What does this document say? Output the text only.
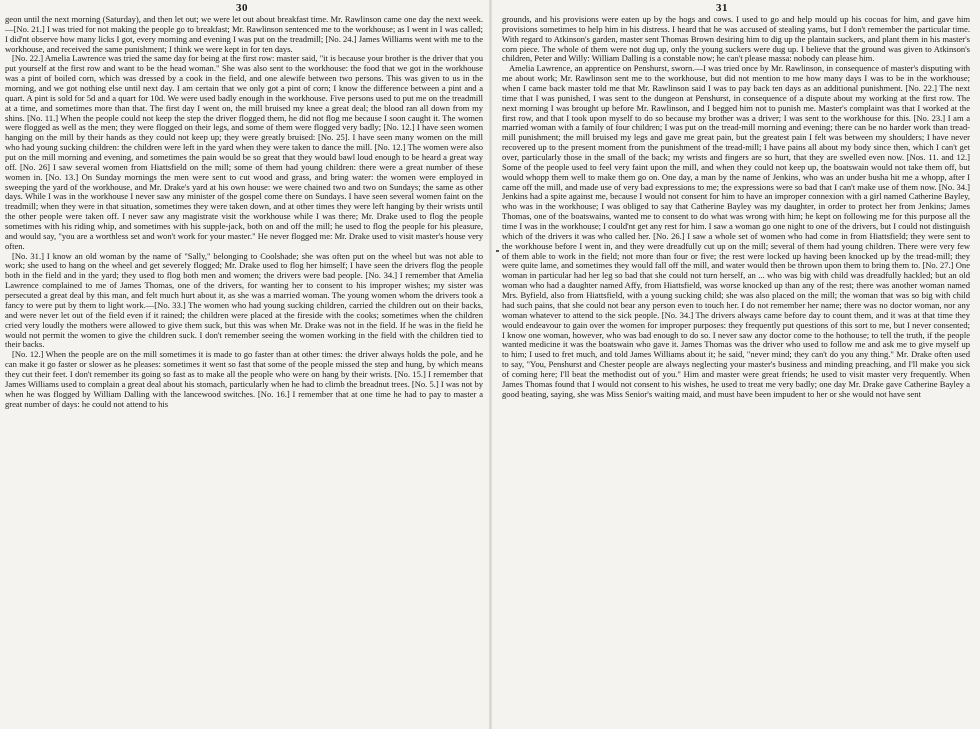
30

geon until the next morning (Saturday), and then let out; we were let out about breakfast time. Mr. Rawlinson came one day the next week.—[No. 21.] I was tried for not making the people go to breakfast; Mr. Rawlinson sentenced me to the workhouse; as I went in I was called; I did'nt observe how many licks I got, every morning and evening I was put on the treadmill; [No. 24.] James Williams went with me to the workhouse, and received the same punishment; I think we were kept in for ten days.

[No. 22.] Amelia Lawrence was tried the same day for being at the first row: master said, "it is because your brother is the driver that you put yourself at the first row and want to be the head woman." She was also sent to the workhouse: the food that we got in the workhouse was a pint of boiled corn, which was dressed by a cook in the field, and one alewife between two persons. This was given to us in the morning, and we got nothing else until next day. I am certain that we only got a pint of corn; I know the difference between a pint and a quart. A pint is sold for 5d and a quart for 10d. We were used badly enough in the workhouse. Five persons used to put me on the treadmill at a time, and sometimes more than that. The first day I went on, the mill bruised my knee a great deal; the blood ran all down from my shins. [No. 11.] When the people could not keep the step the driver flogged them, he did not flog me because I soon caught it. The women were flogged as well as the men; they were flogged on their legs, and some of them were flogged very badly; [No. 12.] I have seen women hanging on the mill by their hands as they could not keep up; they were greatly bruised: [No. 25]. I have seen many women on the mill who had young sucking children: the children were left in the yard when they were taken to dance the mill. [No. 12.] The women were also put on the mill morning and evening, and sometimes the pain would be so great that they would bawl loud enough to be heard a great way off. [No. 26] I saw several women from Hiattsfield on the mill; some of them had young children: there were a great number of these women in. [No. 13.] On Sunday mornings the men were sent to cut wood and grass, and bring water: the women were employed in sweeping the yard of the workhouse, and Mr. Drake's yard at his own house: we were chained two and two on Sundays; the same as other days. While I was in the workhouse I never saw any minister of the gospel come there on Sundays. I have seen several women faint on the treadmill; when they were in that situation, sometimes they were taken down, and at other times they were left hanging by their wrists until the other people were taken off. I never saw any magistrate visit the workhouse while I was there; Mr. Drake used to flog the people sometimes with his riding whip, and sometimes with his supple-jack, both on and off the mill; he used to flog the people for his pleasure, and would say, "you are a worthless set and won't work for your master." He never flogged me: Mr. Drake used to visit master's house very often.

[No. 31.] I know an old woman by the name of "Sally," belonging to Coolshade; she was often put on the wheel but was not able to work; she used to hang on the wheel and get severely flogged; Mr. Drake used to flog her himself; I have seen the drivers flog the people both in the field and in the yard; they used to flog both men and women; the drivers were bad people. [No. 34.] I remember that Amelia Lawrence complained to me of James Thomas, one of the drivers, for wanting her to consent to his improper wishes; my sister was persecuted a great deal by this man, and felt much hurt about it, as she was a married woman. The young women whom the drivers took a fancy to were put by them to light work.—[No. 33.] The women who had young sucking children, carried the children out on their backs, and were never let out of the field even if it rained; the children were placed at the fireside with the cooks; sometimes when the children cried very loudly the mothers were allowed to give them suck, but this was when Mr. Drake was not in the field. If he was in the field he would not permit the women to give the children suck. I don't remember seeing the women working in the field with the children tied to their backs.

[No. 12.] When the people are on the mill sometimes it is made to go faster than at other times: the driver always holds the pole, and he can make it go faster or slower as he pleases: sometimes it went so fast that some of the people missed the step and hung, by which means they cut their feet. I don't remember its going so fast as to make all the people who were on hang by their wrists. [No. 15.] I remember that James Williams used to complain a great deal about his stomach, particularly when he had to climb the breadnut trees. [No. 5.] I was not by when he was flogged by William Dalling with the lancewood switches. [No. 16.] I remember that at one time he had to pay to master a great number of days: he could not attend to his

31

grounds, and his provisions were eaten up by the hogs and cows. I used to go and help mould up his cocoas for him, and gave him provisions sometimes to help him in his distress. I heard that he was accused of stealing yams, but I don't remember the particular time. With regard to Atkinson's garden, master sent Thomas Brown desiring him to dig up the plantain suckers, and plant them in his master's corn piece. The whole of them were not dug up, only the young suckers were dug up. I believe that the ground was given to Atkinson's children, Peter and Willy: William Dalling is a constable now; he can't please massa: nobody can please him.

Amelia Lawrence, an apprentice on Penshurst, sworn.—I was tried once by Mr. Rawlinson, in consequence of master's disputing with me about work; Mr. Rawlinson sent me to the workhouse, but did not mention to me how many days I was to be in the workhouse; when I came back master told me that Mr. Rawlinson said I was to pay back ten days as an additional punishment. [No. 22.] The next time that I was punished, I was sent to the dungeon at Penshurst, in consequence of a dispute about my working at the first row. The next morning I was brought up before Mr. Rawlinson, and I begged him not to punish me. Master's complaint was that I worked at the first row, and that I took upon myself to do so because my brother was a driver; I was sent to the workhouse for this. [No. 23.] I am a married woman with a family of four children; I was put on the tread-mill morning and evening; there can be no harder work than tread-mill punishment; the mill bruised my legs and gave me great pain, but the greatest pain I felt was between my shoulders; I have never recovered up to the present moment from the punishment of the tread-mill; I have pains all about my body since then, which I can't get over, particularly those in the small of the back; my wrists and fingers are so hurt, that they are swelled even now. [Nos. 11. and 12.] Some of the people used to feel very faint upon the mill, and when they could not keep up, the boatswain would not take them off, but would whopp them well to make them go on. One day, a man by the name of Jenkins, who was an under busha hit me a whopp, after I came off the mill, and made use of very bad expressions to me; the expressions were so bad that I can't make use of them now. [No. 34.] Jenkins had a spite against me, because I would not consent for him to have an improper connexion with a girl named Catherine Bayley, who was in the workhouse; I was obliged to say that Catherine Bayley was my daughter, in order to protect her from Jenkins; James Thomas, one of the boatswains, wanted me to consent to do what was wrong with him; he kept on following me for this purpose all the time I was in the workhouse; I could'nt get any rest for him. I saw a woman go one night to one of the drivers, but I could not distinguish which of the drivers it was who called her. [No. 26.] I saw a whole set of women who had come in from Hiattsfield; they were sent to the workhouse before I went in, and they were dreadfully cut up on the mill; several of them had young children. There were very few of them able to work in the field; not more than four or five; the rest were locked up having been knocked up by the tread-mill; they were quite lame, and sometimes they would fall off the mill, and water would then be thrown upon them to bring them to. [No. 27.] One woman in particular had her leg so bad that she could not turn herself, an ... who was big with child was dreadfully hackled; but an old woman who had a daughter named Affy, from Hiattsfield, was worse knocked up than any of the rest; there was another woman named Mrs. Byfield, also from Hiattsfield, with a young sucking child; she was also placed on the mill; the woman that was so big with child had such pains, that she could not bear any person even to touch her. I do not remember her name; there was no doctor woman, nor any woman whatever to attend to the sick people. [No. 34.] The drivers always came before day to count them, and it was at that time they would endeavour to gain over the women for improper purposes: they frequently put questions of this sort to me, but I never consented; I know one woman, however, who was bad enough to do so. I never saw any doctor come to the hothouse; to tell the truth, if the people wanted medicine it was the boatswain who gave it. James Thomas was the driver who used to follow me and ask me to give myself up to him; I used to fret much, and told James Williams about it; he said, "never mind; they can't do you any thing." Mr. Drake often used to say, "You, Penshurst and Chester people are always neglecting your master's business and minding preaching, and I'll make you sick of coming here; I'll beat the methodist out of you." Him and master were great friends; he used to visit master very frequently. When James Thomas found that I would not consent to his wishes, he used to treat me very badly; one day Mr. Drake gave Catherine Bayley a good beating, saying, she was Miss Senior's waiting maid, and must have been impudent to her or she would not have sent
